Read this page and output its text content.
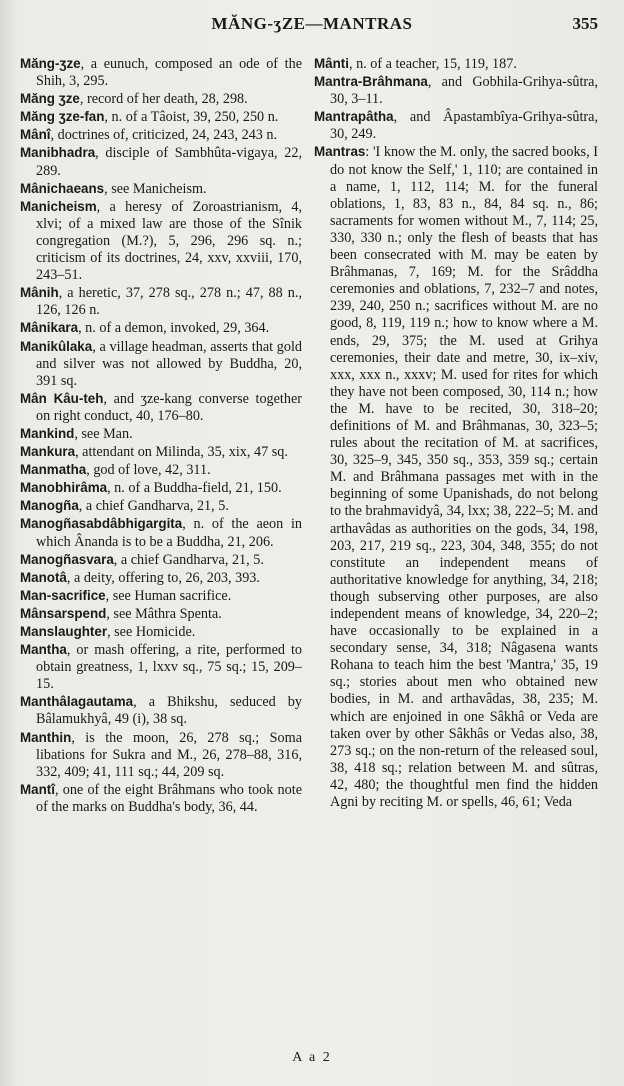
MĂNG-ʒZE—MANTRAS	355

Măng-ʒze, a eunuch, composed an ode of the Shih, 3, 295.

Măng ʒze, record of her death, 28, 298.

Măng ʒze-fan, n. of a Tâoist, 39, 250, 250 n.

Mânî, doctrines of, criticized, 24, 243, 243 n.

Manibhadra, disciple of Sambhûta-vigaya, 22, 289.

Mânichaeans, see Manicheism.

Manicheism, a heresy of Zoroastrianism, 4, xlvi; of a mixed law are those of the Sînik congregation (M.?), 5, 296, 296 sq. n.; criticism of its doctrines, 24, xxv, xxviii, 170, 243–51.

Mânih, a heretic, 37, 278 sq., 278 n.; 47, 88 n., 126, 126 n.

Mânikara, n. of a demon, invoked, 29, 364.

Manikûlaka, a village headman, asserts that gold and silver was not allowed by Buddha, 20, 391 sq.

Mân Kâu-teh, and ʒze-kang converse together on right conduct, 40, 176–80.

Mankind, see Man.

Mankura, attendant on Milinda, 35, xix, 47 sq.

Manmatha, god of love, 42, 311.

Manobhirâma, n. of a Buddha-field, 21, 150.

Manogña, a chief Gandharva, 21, 5.

Manogñasabdâbhigargita, n. of the aeon in which Ânanda is to be a Buddha, 21, 206.

Manogñasvara, a chief Gandharva, 21, 5.

Manotâ, a deity, offering to, 26, 203, 393.

Man-sacrifice, see Human sacrifice.

Mânsarspend, see Mâthra Spenta.

Manslaughter, see Homicide.

Mantha, or mash offering, a rite, performed to obtain greatness, 1, lxxv sq., 75 sq.; 15, 209–15.

Manthâlagautama, a Bhikshu, seduced by Bâlamukhyâ, 49 (i), 38 sq.

Manthin, is the moon, 26, 278 sq.; Soma libations for Sukra and M., 26, 278–88, 316, 332, 409; 41, 111 sq.; 44, 209 sq.

Mantî, one of the eight Brâhmans who took note of the marks on Buddha's body, 36, 44.

Mânti, n. of a teacher, 15, 119, 187.

Mantra-Brâhmana, and Gobhila-Grihya-sûtra, 30, 3–11.

Mantrapâtha, and Âpastambîya-Grihya-sûtra, 30, 249.

Mantras: 'I know the M. only, the sacred books, I do not know the Self,' 1, 110; are contained in a name, 1, 112, 114; M. for the funeral oblations, 1, 83, 83 n., 84, 84 sq. n., 86; sacraments for women without M., 7, 114; 25, 330, 330 n.; only the flesh of beasts that has been consecrated with M. may be eaten by Brâhmanas, 7, 169; M. for the Srâddha ceremonies and oblations, 7, 232–7 and notes, 239, 240, 250 n.; sacrifices without M. are no good, 8, 119, 119 n.; how to know where a M. ends, 29, 375; the M. used at Grihya ceremonies, their date and metre, 30, ix–xiv, xxx, xxx n., xxxv; M. used for rites for which they have not been composed, 30, 114 n.; how the M. have to be recited, 30, 318–20; definitions of M. and Brâhmanas, 30, 323–5; rules about the recitation of M. at sacrifices, 30, 325–9, 345, 350 sq., 353, 359 sq.; certain M. and Brâhmana passages met with in the beginning of some Upanishads, do not belong to the brahmavidyâ, 34, lxx; 38, 222–5; M. and arthavâdas as authorities on the gods, 34, 198, 203, 217, 219 sq., 223, 304, 348, 355; do not constitute an independent means of authoritative knowledge for anything, 34, 218; though subserving other purposes, are also independent means of knowledge, 34, 220–2; have occasionally to be explained in a secondary sense, 34, 318; Nâgasena wants Rohana to teach him the best 'Mantra,' 35, 19 sq.; stories about men who obtained new bodies, in M. and arthavâdas, 38, 235; M. which are enjoined in one Sâkhâ or Veda are taken over by other Sâkhâs or Vedas also, 38, 273 sq.; on the non-return of the released soul, 38, 418 sq.; relation between M. and sûtras, 42, 480; the thoughtful men find the hidden Agni by reciting M. or spells, 46, 61; Veda

A a 2
